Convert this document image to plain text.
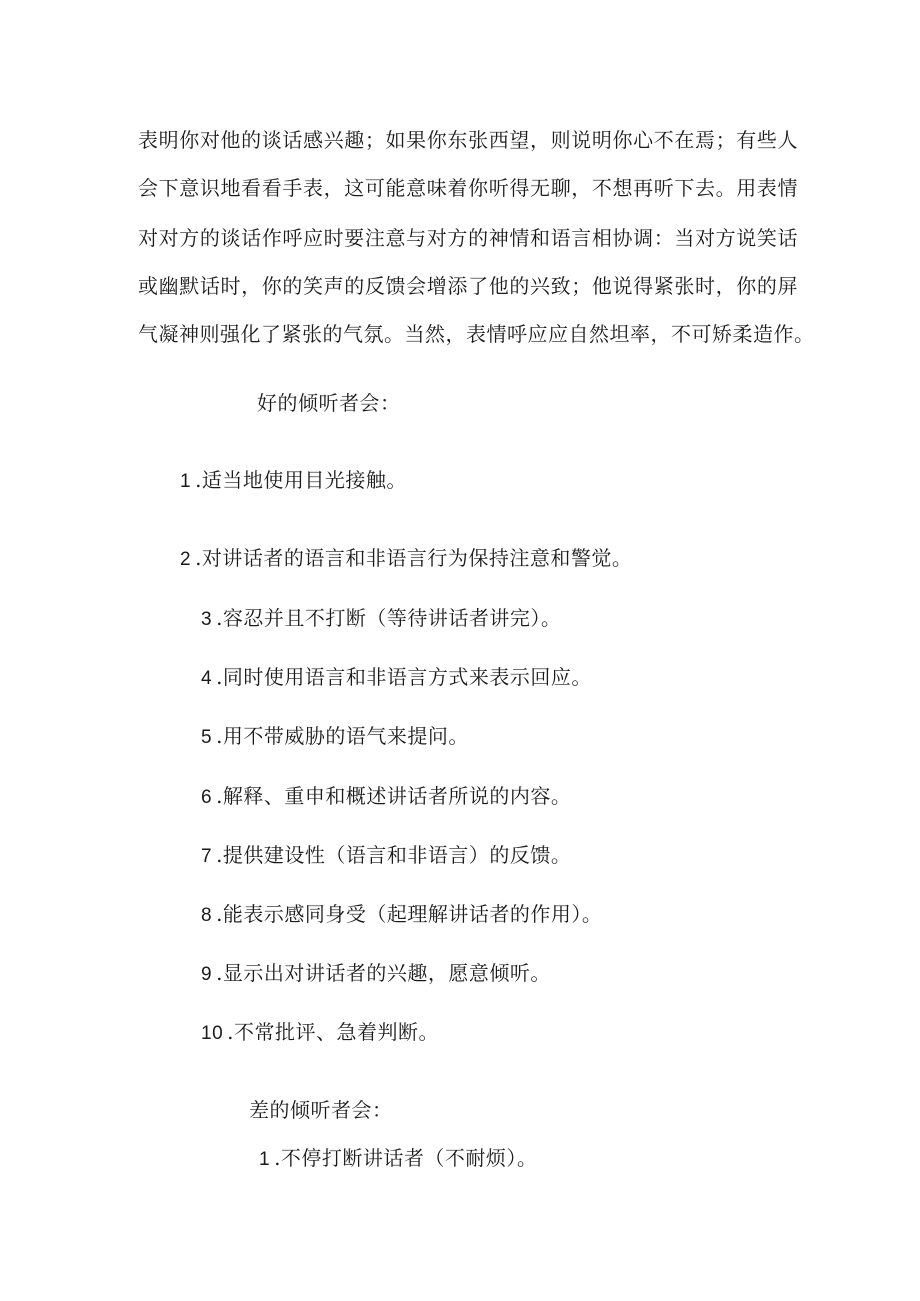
表明你对他的谈话感兴趣；如果你东张西望，则说明你心不在焉；有些人
会下意识地看看手表，这可能意味着你听得无聊，不想再听下去。用表情
对对方的谈话作呼应时要注意与对方的神情和语言相协调：当对方说笑话
或幽默话时，你的笑声的反馈会增添了他的兴致；他说得紧张时，你的屏
气凝神则强化了紧张的气氛。当然，表情呼应应自然坦率，不可矫柔造作。
好的倾听者会：
1 .适当地使用目光接触。
2 .对讲话者的语言和非语言行为保持注意和警觉。
3 .容忍并且不打断（等待讲话者讲完）。
4 .同时使用语言和非语言方式来表示回应。
5 .用不带威胁的语气来提问。
6 .解释、重申和概述讲话者所说的内容。
7 .提供建设性（语言和非语言）的反馈。
8 .能表示感同身受（起理解讲话者的作用）。
9 .显示出对讲话者的兴趣，愿意倾听。
10 .不常批评、急着判断。
差的倾听者会：
1 .不停打断讲话者（不耐烦）。
